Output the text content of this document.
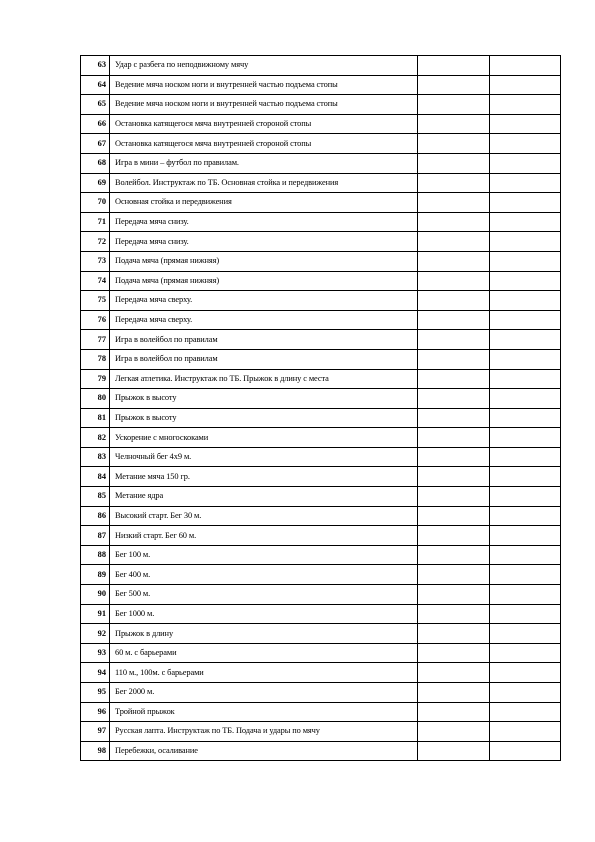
63	Удар с разбега по неподвижному мячу		
64	Ведение мяча носком ноги и внутренней частью подъема стопы		
65	Ведение мяча носком ноги и внутренней частью подъема стопы		
66	Остановка катящегося мяча внутренней стороной стопы		
67	Остановка катящегося мяча внутренней стороной стопы		
68	Игра в мини – футбол по правилам.		
69	Волейбол. Инструктаж по ТБ. Основная стойка и передвижения		
70	Основная стойка и передвижения		
71	Передача мяча снизу.		
72	Передача мяча снизу.		
73	Подача мяча (прямая нижняя)		
74	Подача мяча (прямая нижняя)		
75	Передача мяча сверху.		
76	Передача мяча сверху.		
77	Игра в волейбол по правилам		
78	Игра в волейбол по правилам		
79	Легкая атлетика. Инструктаж по ТБ. Прыжок в длину с места		
80	Прыжок в высоту		
81	Прыжок в высоту		
82	Ускорение с многоскоками		
83	Челночный бег 4х9 м.		
84	Метание мяча 150 гр.		
85	Метание ядра		
86	Высокий старт. Бег 30 м.		
87	Низкий старт. Бег 60 м.		
88	Бег 100 м.		
89	Бег 400 м.		
90	Бег 500 м.		
91	Бег 1000 м.		
92	Прыжок в длину		
93	60 м. с барьерами		
94	110 м., 100м. с барьерами		
95	Бег 2000 м.		
96	Тройной прыжок		
97	Русская лапта. Инструктаж по ТБ. Подача и удары по мячу		
98	Перебежки, осаливание		
